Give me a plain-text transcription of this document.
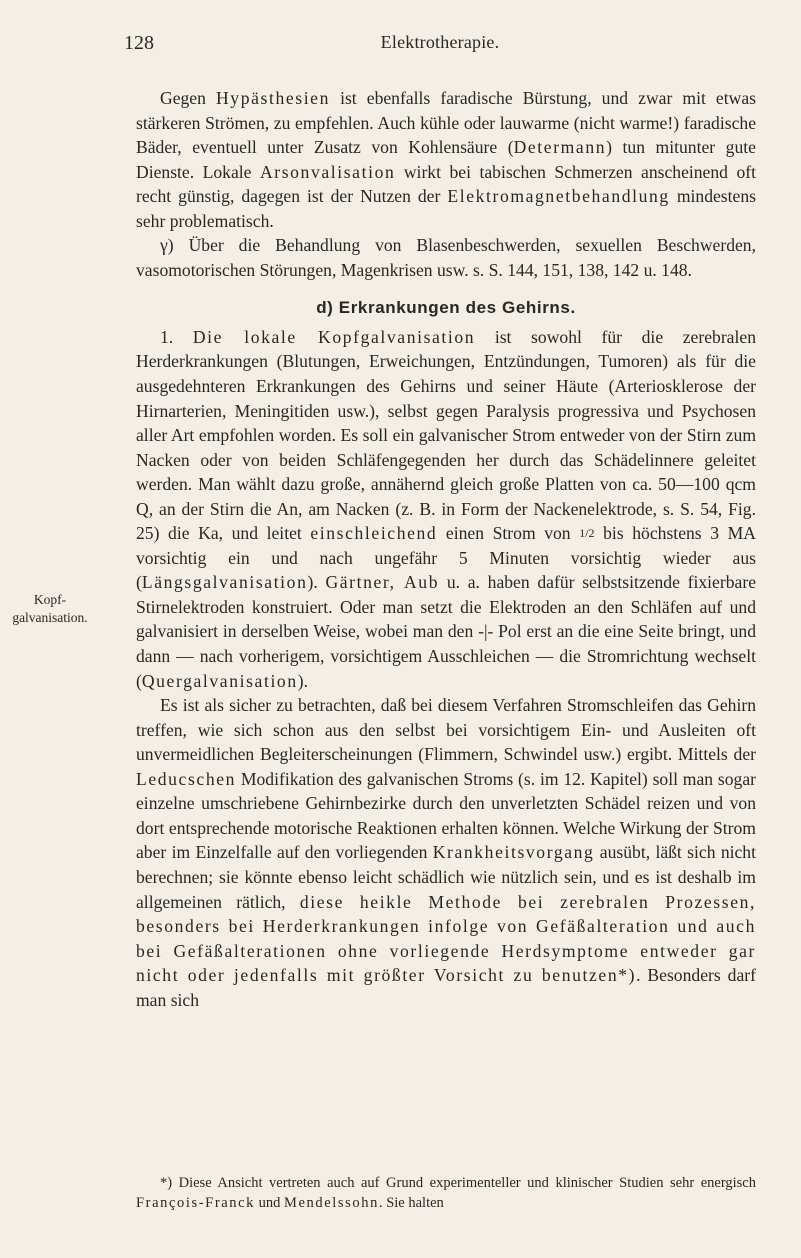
128	Elektrotherapie.
Kopf-galvanisation.

Gegen Hypästhesien ist ebenfalls faradische Bürstung, und zwar mit etwas stärkeren Strömen, zu empfehlen. Auch kühle oder lauwarme (nicht warme!) faradische Bäder, eventuell unter Zusatz von Kohlensäure (Determann) tun mitunter gute Dienste. Lokale Arsonvalisation wirkt bei tabischen Schmerzen anscheinend oft recht günstig, dagegen ist der Nutzen der Elektromagnetbehandlung mindestens sehr problematisch.

γ) Über die Behandlung von Blasenbeschwerden, sexuellen Beschwerden, vasomotorischen Störungen, Magenkrisen usw. s. S. 144, 151, 138, 142 u. 148.

d) Erkrankungen des Gehirns.

1. Die lokale Kopfgalvanisation ist sowohl für die zerebralen Herderkrankungen (Blutungen, Erweichungen, Entzündungen, Tumoren) als für die ausgedehnteren Erkrankungen des Gehirns und seiner Häute (Arteriosklerose der Hirnarterien, Meningitiden usw.), selbst gegen Paralysis progressiva und Psychosen aller Art empfohlen worden. Es soll ein galvanischer Strom entweder von der Stirn zum Nacken oder von beiden Schläfengegenden her durch das Schädelinnere geleitet werden. Man wählt dazu große, annähernd gleich große Platten von ca. 50—100 qcm Q, an der Stirn die An, am Nacken (z. B. in Form der Nackenelektrode, s. S. 54, Fig. 25) die Ka, und leitet einschleichend einen Strom von 1/2 bis höchstens 3 MA vorsichtig ein und nach ungefähr 5 Minuten vorsichtig wieder aus (Längsgalvanisation). Gärtner, Aub u. a. haben dafür selbstsitzende fixierbare Stirnelektroden konstruiert. Oder man setzt die Elektroden an den Schläfen auf und galvanisiert in derselben Weise, wobei man den -|- Pol erst an die eine Seite bringt, und dann — nach vorherigem, vorsichtigem Ausschleichen — die Stromrichtung wechselt (Quergalvanisation).

Es ist als sicher zu betrachten, daß bei diesem Verfahren Stromschleifen das Gehirn treffen, wie sich schon aus den selbst bei vorsichtigem Ein- und Ausleiten oft unvermeidlichen Begleiterscheinungen (Flimmern, Schwindel usw.) ergibt. Mittels der Leducschen Modifikation des galvanischen Stroms (s. im 12. Kapitel) soll man sogar einzelne umschriebene Gehirnbezirke durch den unverletzten Schädel reizen und von dort entsprechende motorische Reaktionen erhalten können. Welche Wirkung der Strom aber im Einzelfalle auf den vorliegenden Krankheitsvorgang ausübt, läßt sich nicht berechnen; sie könnte ebenso leicht schädlich wie nützlich sein, und es ist deshalb im allgemeinen rätlich, diese heikle Methode bei zerebralen Prozessen, besonders bei Herderkrankungen infolge von Gefäßalteration und auch bei Gefäßalterationen ohne vorliegende Herdsymptome entweder gar nicht oder jedenfalls mit größter Vorsicht zu benutzen*). Besonders darf man sich

*) Diese Ansicht vertreten auch auf Grund experimenteller und klinischer Studien sehr energisch François-Franck und Mendelssohn. Sie halten
